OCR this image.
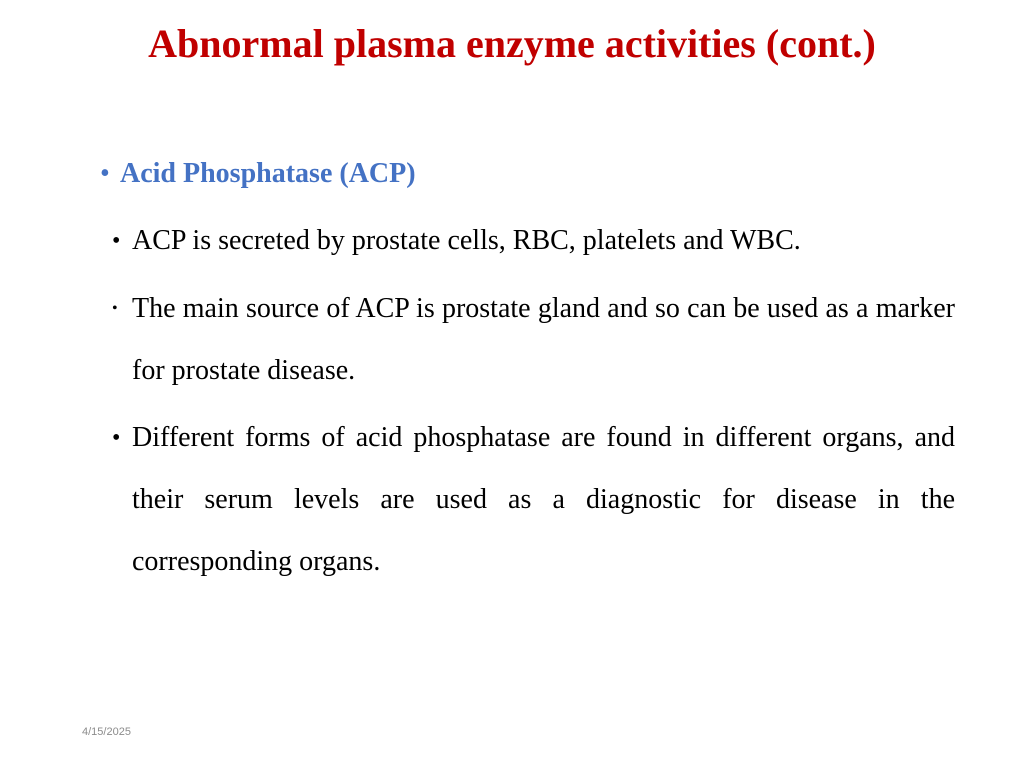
Abnormal plasma enzyme activities (cont.)
• Acid Phosphatase (ACP)
• ACP is secreted by prostate cells, RBC, platelets and WBC.
• The main source of ACP is prostate gland and so can be used as a marker for prostate disease.
• Different forms of acid phosphatase are found in different organs, and their serum levels are used as a diagnostic for disease in the corresponding organs.
4/15/2025
